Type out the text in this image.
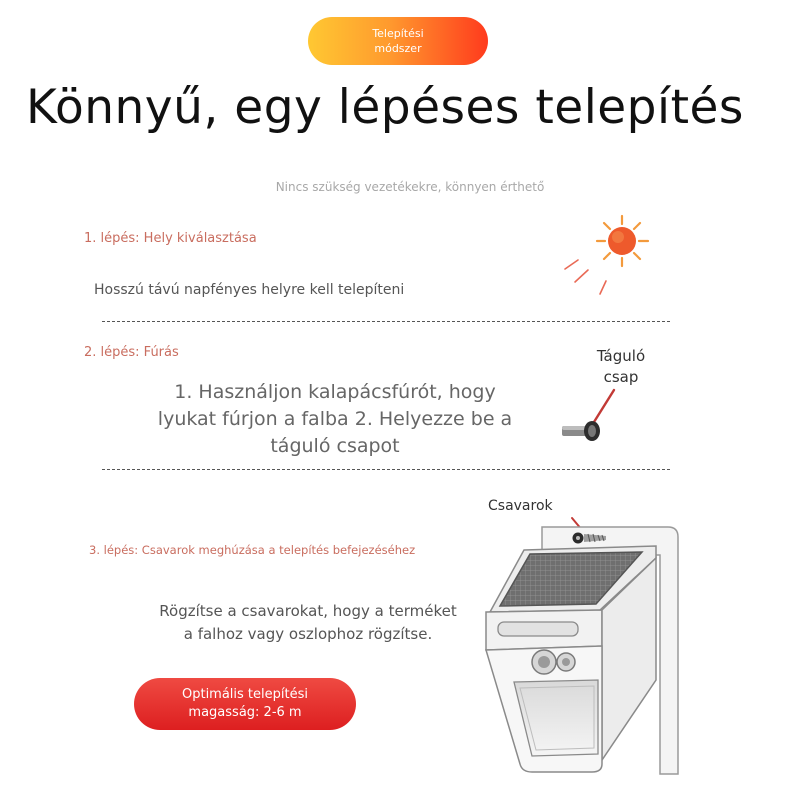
Telepítési
módszer
Könnyű, egy lépéses telepítés
Nincs szükség vezetékekre, könnyen érthető
1. lépés: Hely kiválasztása
Hosszú távú napfényes helyre kell telepíteni
2. lépés: Fúrás
1. Használjon kalapácsfúrót, hogy
lyukat fúrjon a falba 2. Helyezze be a
táguló csapot
Táguló
csap
3. lépés: Csavarok meghúzása a telepítés befejezéséhez
Rögzítse a csavarokat, hogy a terméket
a falhoz vagy oszlophoz rögzítse.
Csavarok
Optimális telepítési
magasság: 2-6 m
